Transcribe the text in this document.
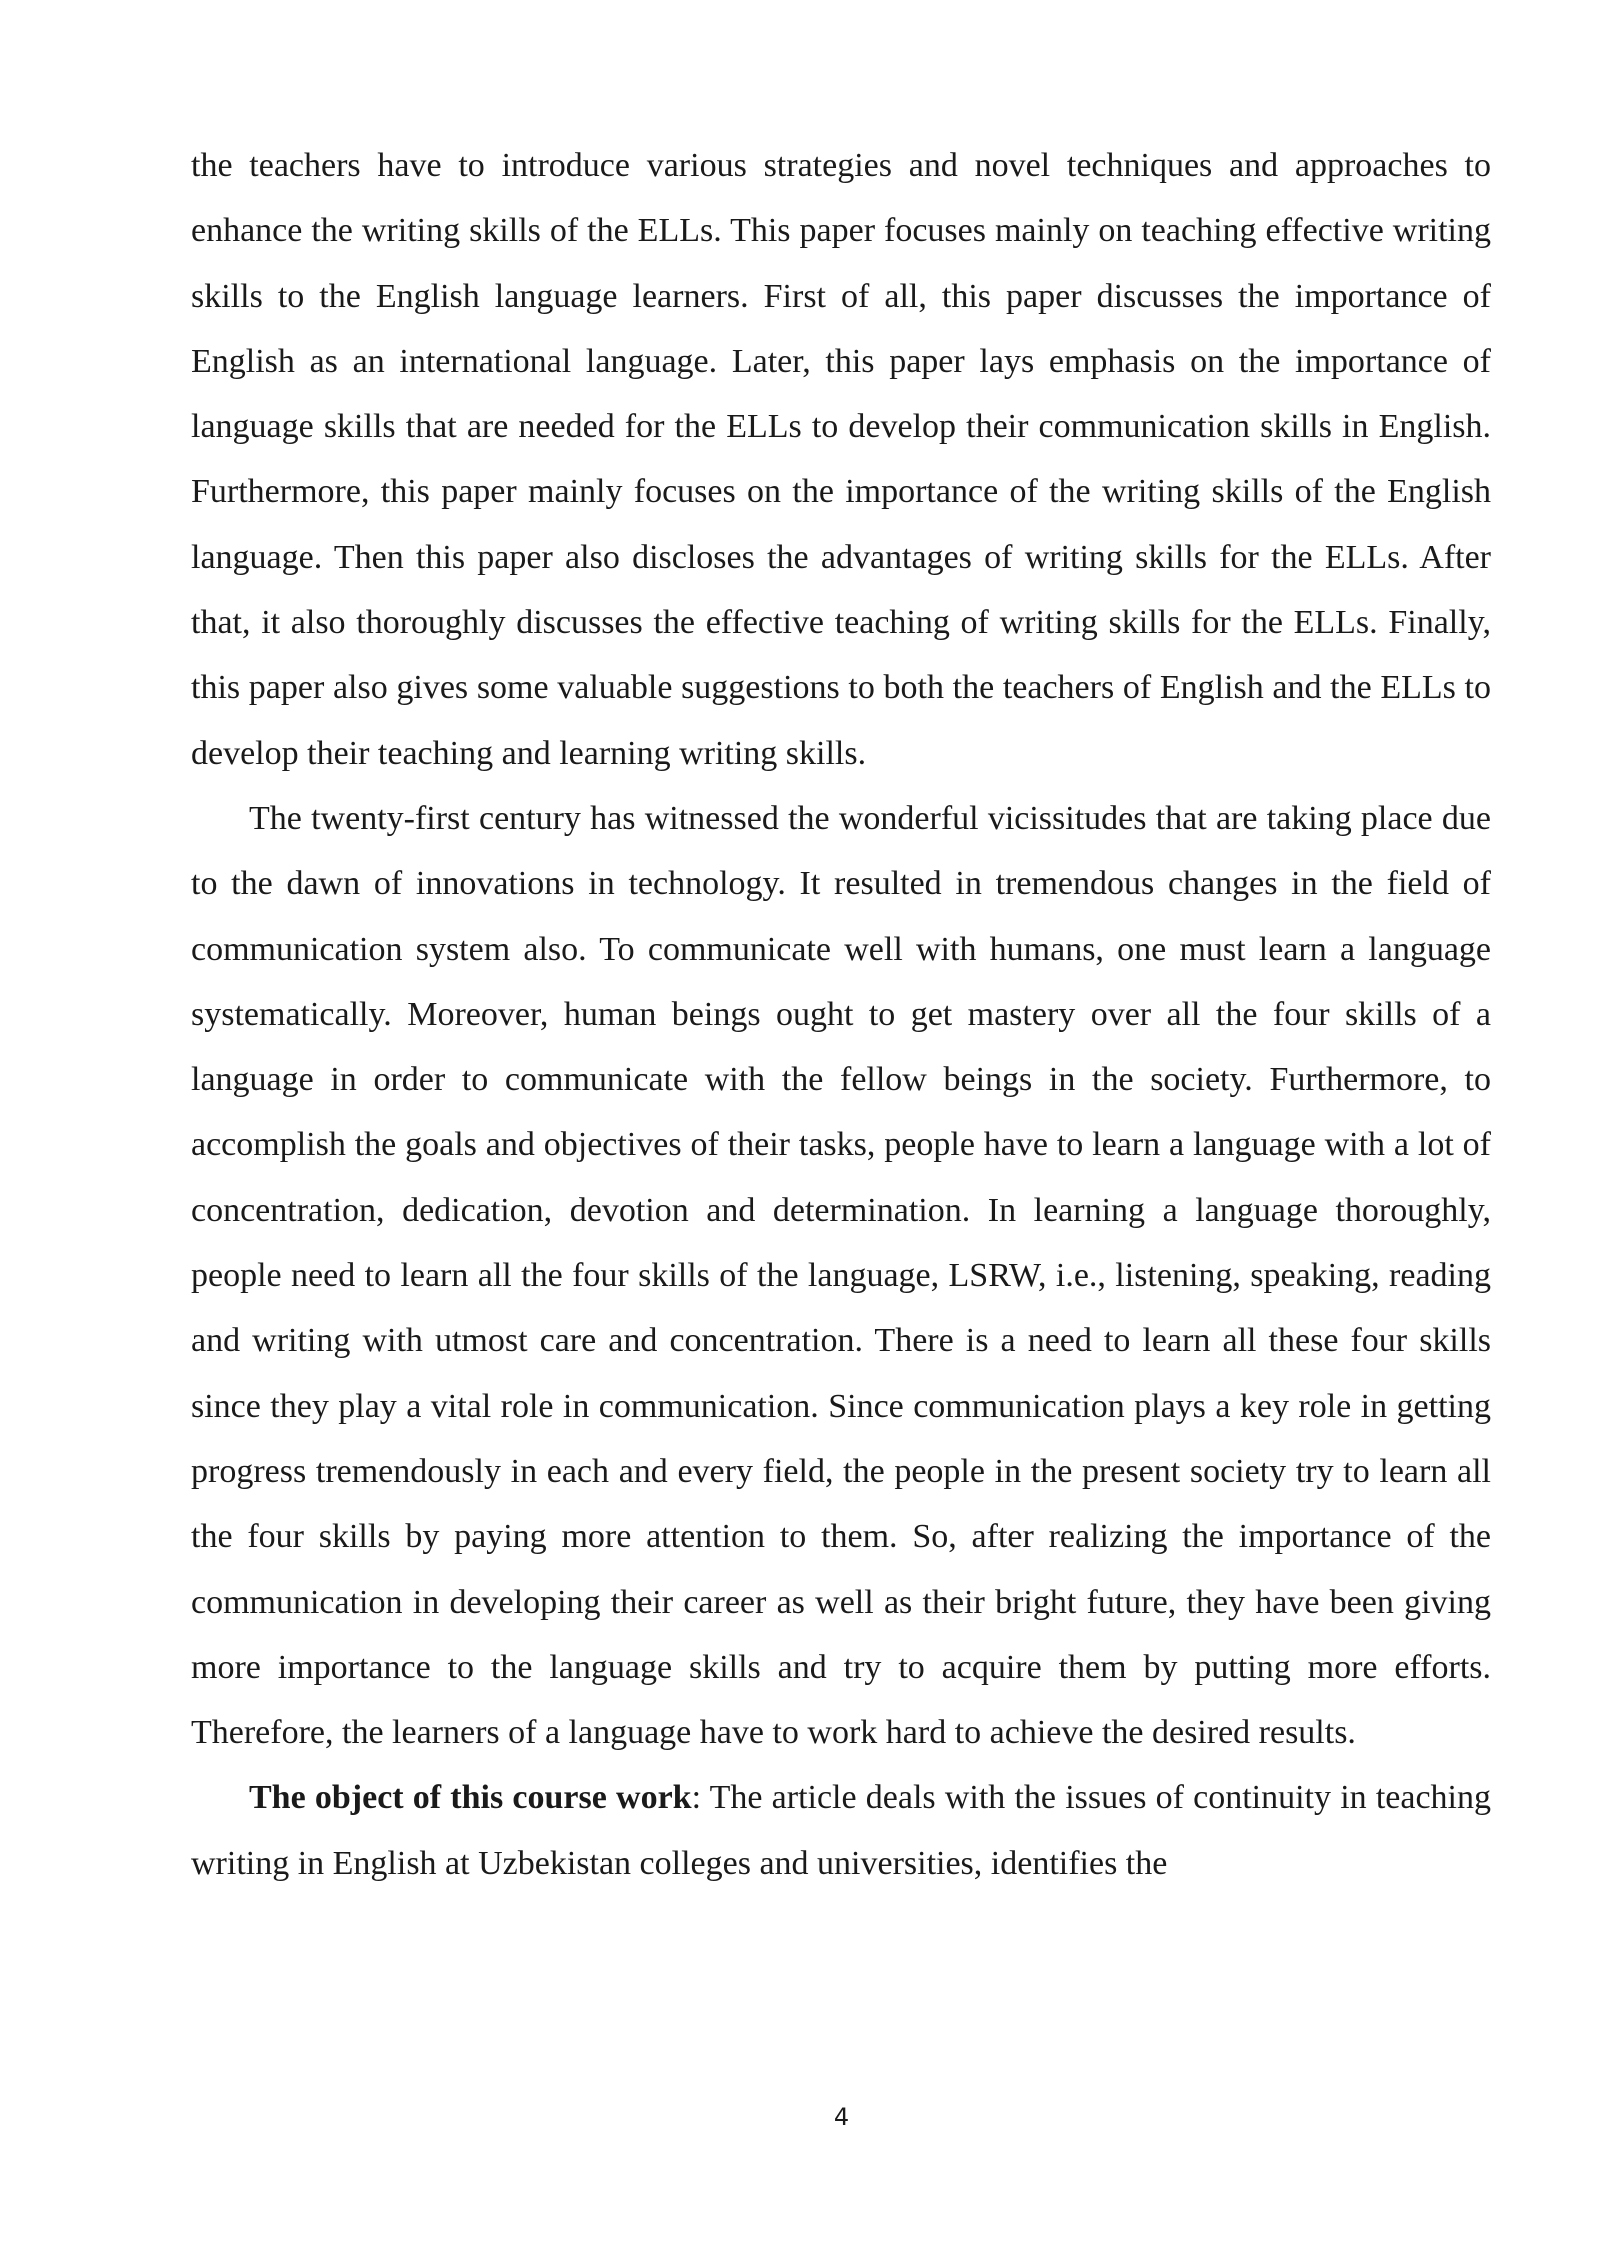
the teachers have to introduce various strategies and novel techniques and approaches to enhance the writing skills of the ELLs. This paper focuses mainly on teaching effective writing skills to the English language learners. First of all, this paper discusses the importance of English as an international language. Later, this paper lays emphasis on the importance of language skills that are needed for the ELLs to develop their communication skills in English. Furthermore, this paper mainly focuses on the importance of the writing skills of the English language. Then this paper also discloses the advantages of writing skills for the ELLs. After that, it also thoroughly discusses the effective teaching of writing skills for the ELLs. Finally, this paper also gives some valuable suggestions to both the teachers of English and the ELLs to develop their teaching and learning writing skills.

The twenty-first century has witnessed the wonderful vicissitudes that are taking place due to the dawn of innovations in technology. It resulted in tremendous changes in the field of communication system also. To communicate well with humans, one must learn a language systematically. Moreover, human beings ought to get mastery over all the four skills of a language in order to communicate with the fellow beings in the society. Furthermore, to accomplish the goals and objectives of their tasks, people have to learn a language with a lot of concentration, dedication, devotion and determination. In learning a language thoroughly, people need to learn all the four skills of the language, LSRW, i.e., listening, speaking, reading and writing with utmost care and concentration. There is a need to learn all these four skills since they play a vital role in communication. Since communication plays a key role in getting progress tremendously in each and every field, the people in the present society try to learn all the four skills by paying more attention to them. So, after realizing the importance of the communication in developing their career as well as their bright future, they have been giving more importance to the language skills and try to acquire them by putting more efforts. Therefore, the learners of a language have to work hard to achieve the desired results.

The object of this course work: The article deals with the issues of continuity in teaching writing in English at Uzbekistan colleges and universities, identifies the

4
